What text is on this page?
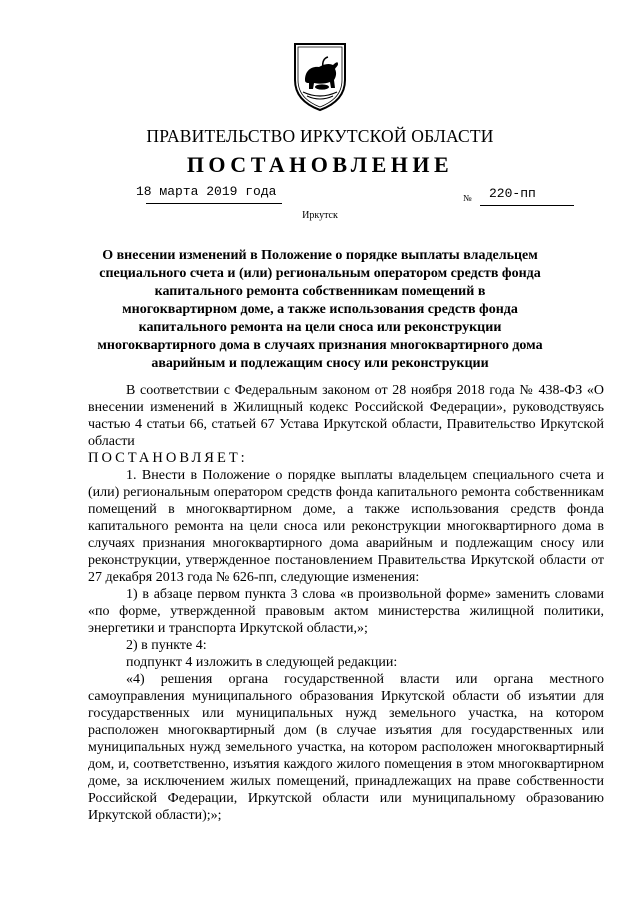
ПРАВИТЕЛЬСТВО ИРКУТСКОЙ ОБЛАСТИ
ПОСТАНОВЛЕНИЕ
18 марта 2019 года	№ 220-пп
Иркутск
О внесении изменений в Положение о порядке выплаты владельцем специального счета и (или) региональным оператором средств фонда капитального ремонта собственникам помещений в многоквартирном доме, а также использования средств фонда капитального ремонта на цели сноса или реконструкции многоквартирного дома в случаях признания многоквартирного дома аварийным и подлежащим сносу или реконструкции

В соответствии с Федеральным законом от 28 ноября 2018 года № 438-ФЗ «О внесении изменений в Жилищный кодекс Российской Федерации», руководствуясь частью 4 статьи 66, статьей 67 Устава Иркутской области, Правительство Иркутской области

ПОСТАНОВЛЯЕТ:

1. Внести в Положение о порядке выплаты владельцем специального счета и (или) региональным оператором средств фонда капитального ремонта собственникам помещений в многоквартирном доме, а также использования средств фонда капитального ремонта на цели сноса или реконструкции многоквартирного дома в случаях признания многоквартирного дома аварийным и подлежащим сносу или реконструкции, утвержденное постановлением Правительства Иркутской области от 27 декабря 2013 года № 626-пп, следующие изменения:

1) в абзаце первом пункта 3 слова «в произвольной форме» заменить словами «по форме, утвержденной правовым актом министерства жилищной политики, энергетики и транспорта Иркутской области,»;

2) в пункте 4:

подпункт 4 изложить в следующей редакции:

«4) решения органа государственной власти или органа местного самоуправления муниципального образования Иркутской области об изъятии для государственных или муниципальных нужд земельного участка, на котором расположен многоквартирный дом (в случае изъятия для государственных или муниципальных нужд земельного участка, на котором расположен многоквартирный дом, и, соответственно, изъятия каждого жилого помещения в этом многоквартирном доме, за исключением жилых помещений, принадлежащих на праве собственности Российской Федерации, Иркутской области или муниципальному образованию Иркутской области);»;
